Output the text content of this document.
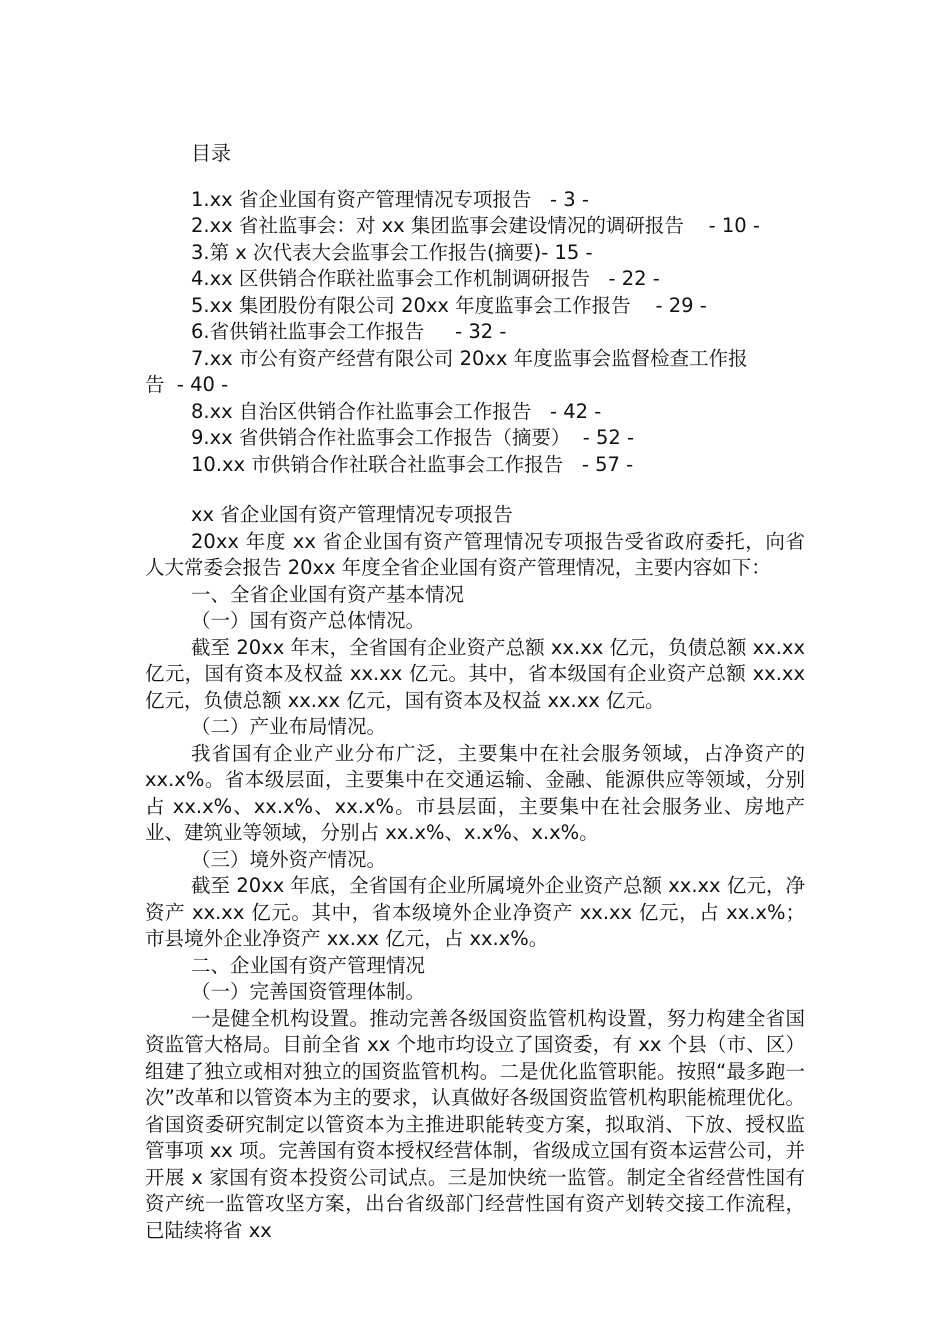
目录

1.xx 省企业国有资产管理情况专项报告   - 3 -

2.xx 省社监事会：对 xx 集团监事会建设情况的调研报告    - 10 -

3.第 x 次代表大会监事会工作报告(摘要)- 15 -

4.xx 区供销合作联社监事会工作机制调研报告   - 22 -

5.xx 集团股份有限公司 20xx 年度监事会工作报告    - 29 -

6.省供销社监事会工作报告     - 32 -

7.xx 市公有资产经营有限公司 20xx 年度监事会监督检查工作报

告  - 40 -

8.xx 自治区供销合作社监事会工作报告   - 42 -

9.xx 省供销合作社监事会工作报告（摘要）  - 52 -

10.xx 市供销合作社联合社监事会工作报告   - 57 -

xx 省企业国有资产管理情况专项报告

20xx 年度 xx 省企业国有资产管理情况专项报告受省政府委托，向省人大常委会报告 20xx 年度全省企业国有资产管理情况，主要内容如下：

一、全省企业国有资产基本情况

（一）国有资产总体情况。

截至 20xx 年末，全省国有企业资产总额 xx.xx 亿元，负债总额 xx.xx 亿元，国有资本及权益 xx.xx 亿元。其中，省本级国有企业资产总额 xx.xx 亿元，负债总额 xx.xx 亿元，国有资本及权益 xx.xx 亿元。

（二）产业布局情况。

我省国有企业产业分布广泛，主要集中在社会服务领域，占净资产的 xx.x%。省本级层面，主要集中在交通运输、金融、能源供应等领域，分别占 xx.x%、xx.x%、xx.x%。市县层面，主要集中在社会服务业、房地产业、建筑业等领域，分别占 xx.x%、x.x%、x.x%。

（三）境外资产情况。

截至 20xx 年底，全省国有企业所属境外企业资产总额 xx.xx 亿元，净资产 xx.xx 亿元。其中，省本级境外企业净资产 xx.xx 亿元，占 xx.x%；市县境外企业净资产 xx.xx 亿元，占 xx.x%。

二、企业国有资产管理情况

（一）完善国资管理体制。

一是健全机构设置。推动完善各级国资监管机构设置，努力构建全省国资监管大格局。目前全省 xx 个地市均设立了国资委，有 xx 个县（市、区）组建了独立或相对独立的国资监管机构。二是优化监管职能。按照“最多跑一次”改革和以管资本为主的要求，认真做好各级国资监管机构职能梳理优化。省国资委研究制定以管资本为主推进职能转变方案，拟取消、下放、授权监管事项 xx 项。完善国有资本授权经营体制，省级成立国有资本运营公司，并开展 x 家国有资本投资公司试点。三是加快统一监管。制定全省经营性国有资产统一监管攻坚方案，出台省级部门经营性国有资产划转交接工作流程，已陆续将省 xx
